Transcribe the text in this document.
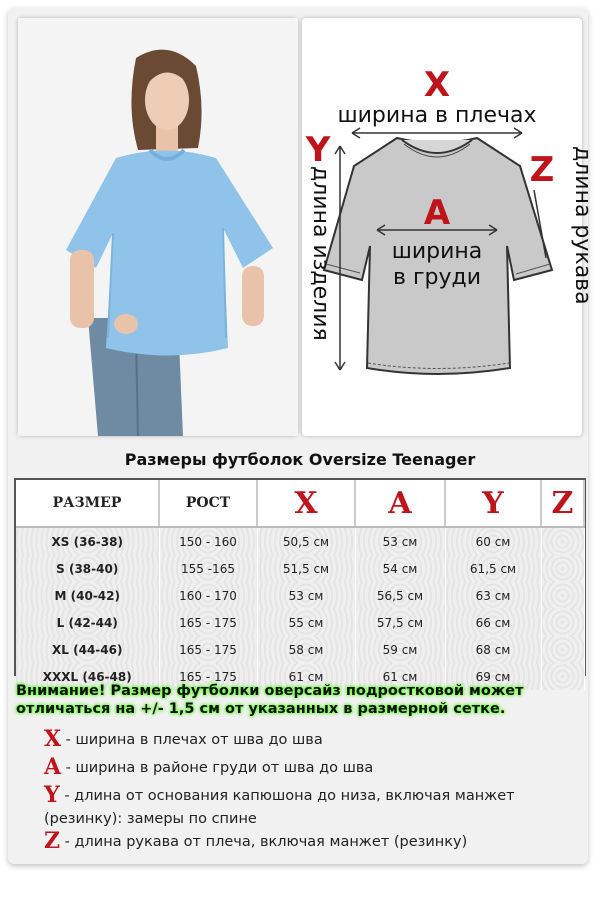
X
ширина в плечах
A
ширина
в груди
Y
длина изделия	Z длина рукава
Размеры футболок Oversize Teenager
РАЗМЕР	РОСТ	X	A	Y	Z
XS (36-38)	150 - 160	50,5 см	53 см	60 см	
S (38-40)	155 -165	51,5 см	54 см	61,5 см	
M (40-42)	160 - 170	53 см	56,5 см	63 см	
L (42-44)	165 - 175	55 см	57,5 см	66 см	
XL (44-46)	165 - 175	58 см	59 см	68 см	
XXXL (46-48)	165 - 175	61 см	61 см	69 см	
Внимание! Размер футболки оверсайз подростковой может
отличаться на +/- 1,5 см от указанных в размерной сетке.
X - ширина в плечах от шва до шва
A - ширина в районе груди от шва до шва
Y - длина от основания капюшона до низа, включая манжет
(резинку): замеры по спине
Z - длина рукава от плеча, включая манжет (резинку)
